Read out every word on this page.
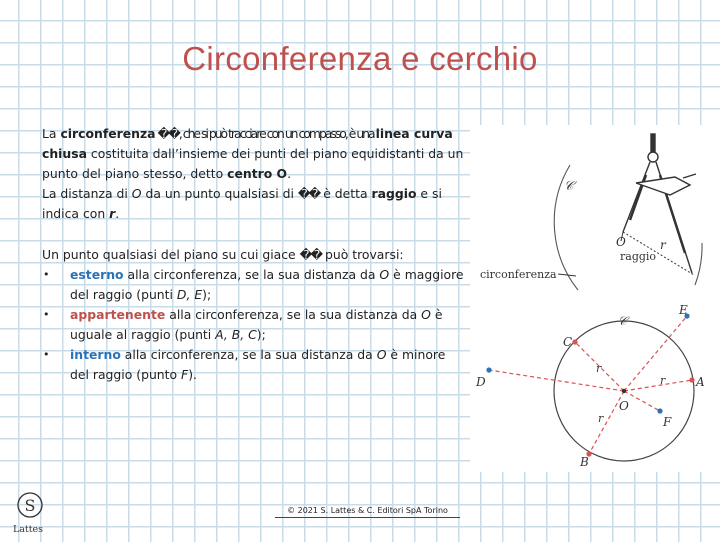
Circonferenza e cerchio

La circonferenza ��, che si può tracciare con un compasso, è una linea curva chiusa costituita dall’insieme dei punti del piano equidistanti da un punto del piano stesso, detto centro O.

La distanza di O da un punto qualsiasi di �� è detta raggio e si indica con r.

Un punto qualsiasi del piano su cui giace �� può trovarsi:

• esterno alla circonferenza, se la sua distanza da O è maggiore del raggio (punti D, E);
• appartenente alla circonferenza, se la sua distanza da O è uguale al raggio (punti A, B, C);
• interno alla circonferenza, se la sua distanza da O è minore del raggio (punto F).
𝒞
O	r
raggio
circonferenza
𝒞
A
B
C
D
E
F
O
r
r
r
S
Lattes
© 2021 S. Lattes & C. Editori SpA Torino
